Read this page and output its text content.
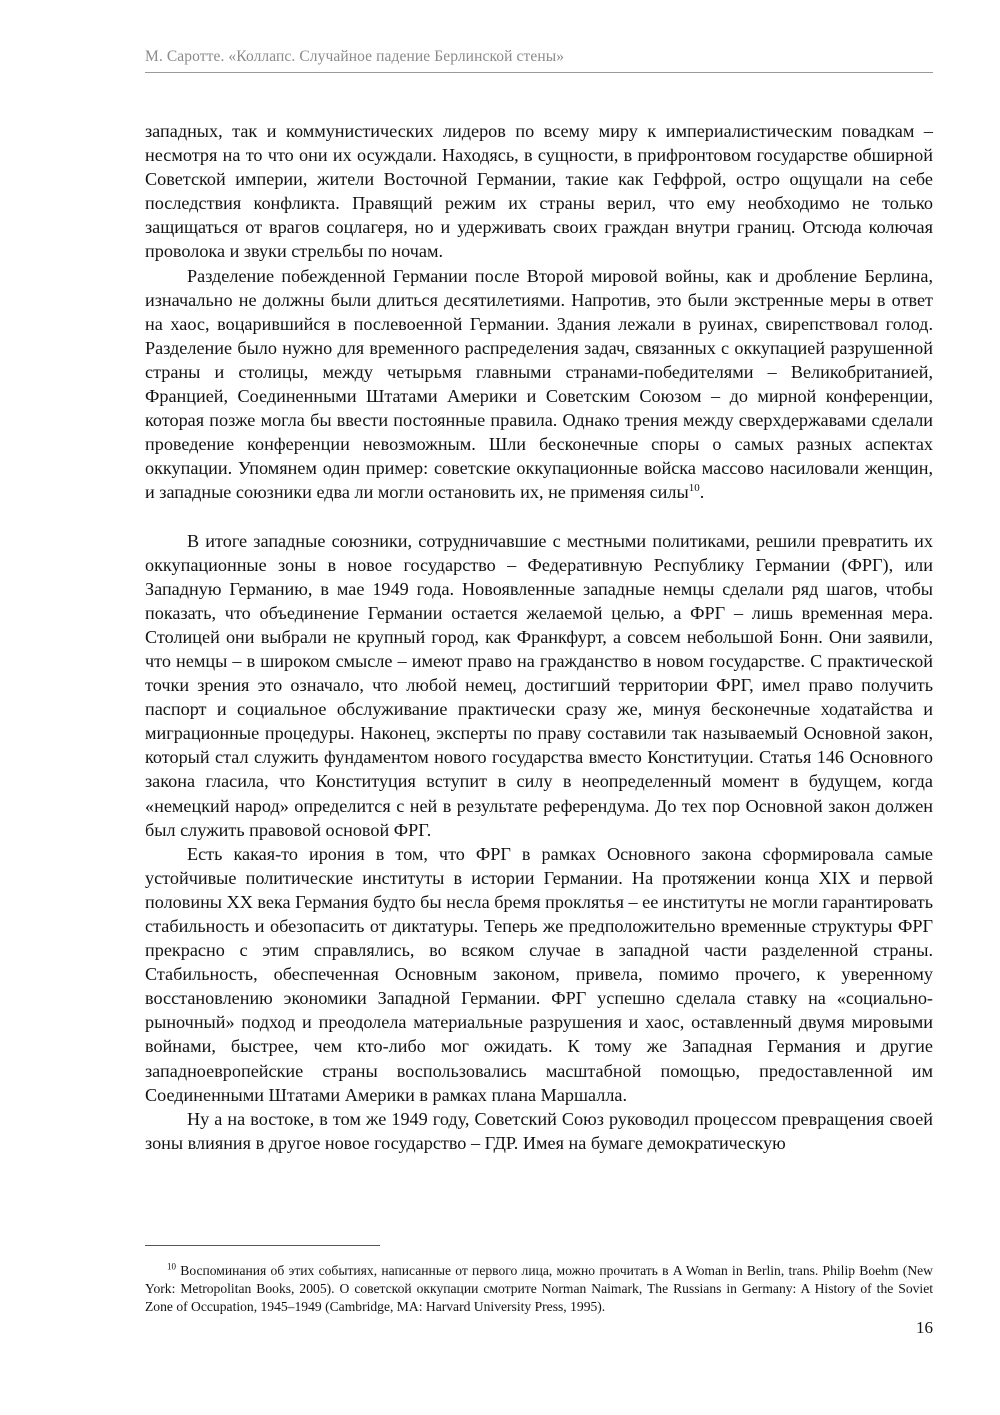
М. Сароттe. «Коллапс. Случайное падение Берлинской стены»

западных, так и коммунистических лидеров по всему миру к империалистическим повадкам – несмотря на то что они их осуждали. Находясь, в сущности, в прифронтовом государстве обширной Советской империи, жители Восточной Германии, такие как Геффрой, остро ощущали на себе последствия конфликта. Правящий режим их страны верил, что ему необходимо не только защищаться от врагов соцлагеря, но и удерживать своих граждан внутри границ. Отсюда колючая проволока и звуки стрельбы по ночам.

Разделение побежденной Германии после Второй мировой войны, как и дробление Берлина, изначально не должны были длиться десятилетиями. Напротив, это были экстренные меры в ответ на хаос, воцарившийся в послевоенной Германии. Здания лежали в руинах, свирепствовал голод. Разделение было нужно для временного распределения задач, связанных с оккупацией разрушенной страны и столицы, между четырьмя главными странами-победителями – Великобританией, Францией, Соединенными Штатами Америки и Советским Союзом – до мирной конференции, которая позже могла бы ввести постоянные правила. Однако трения между сверхдержавами сделали проведение конференции невозможным. Шли бесконечные споры о самых разных аспектах оккупации. Упомянем один пример: советские оккупационные войска массово насиловали женщин, и западные союзники едва ли могли остановить их, не применяя силы$^{10}$.

В итоге западные союзники, сотрудничавшие с местными политиками, решили превратить их оккупационные зоны в новое государство – Федеративную Республику Германии (ФРГ), или Западную Германию, в мае 1949 года. Новоявленные западные немцы сделали ряд шагов, чтобы показать, что объединение Германии остается желаемой целью, а ФРГ – лишь временная мера. Столицей они выбрали не крупный город, как Франкфурт, а совсем небольшой Бонн. Они заявили, что немцы – в широком смысле – имеют право на гражданство в новом государстве. С практической точки зрения это означало, что любой немец, достигший территории ФРГ, имел право получить паспорт и социальное обслуживание практически сразу же, минуя бесконечные ходатайства и миграционные процедуры. Наконец, эксперты по праву составили так называемый Основной закон, который стал служить фундаментом нового государства вместо Конституции. Статья 146 Основного закона гласила, что Конституция вступит в силу в неопределенный момент в будущем, когда «немецкий народ» определится с ней в результате референдума. До тех пор Основной закон должен был служить правовой основой ФРГ.

Есть какая-то ирония в том, что ФРГ в рамках Основного закона сформировала самые устойчивые политические институты в истории Германии. На протяжении конца XIX и первой половины XX века Германия будто бы несла бремя проклятья – ее институты не могли гарантировать стабильность и обезопасить от диктатуры. Теперь же предположительно временные структуры ФРГ прекрасно с этим справлялись, во всяком случае в западной части разделенной страны. Стабильность, обеспеченная Основным законом, привела, помимо прочего, к уверенному восстановлению экономики Западной Германии. ФРГ успешно сделала ставку на «социально-рыночный» подход и преодолела материальные разрушения и хаос, оставленный двумя мировыми войнами, быстрее, чем кто-либо мог ожидать. К тому же Западная Германия и другие западноевропейские страны воспользовались масштабной помощью, предоставленной им Соединенными Штатами Америки в рамках плана Маршалла.

Ну а на востоке, в том же 1949 году, Советский Союз руководил процессом превращения своей зоны влияния в другое новое государство – ГДР. Имея на бумаге демократическую

$^{10}$ Воспоминания об этих событиях, написанные от первого лица, можно прочитать в A Woman in Berlin, trans. Philip Boehm (New York: Metropolitan Books, 2005). О советской оккупации смотрите Norman Naimark, The Russians in Germany: A History of the Soviet Zone of Occupation, 1945–1949 (Cambridge, MA: Harvard University Press, 1995).

16
